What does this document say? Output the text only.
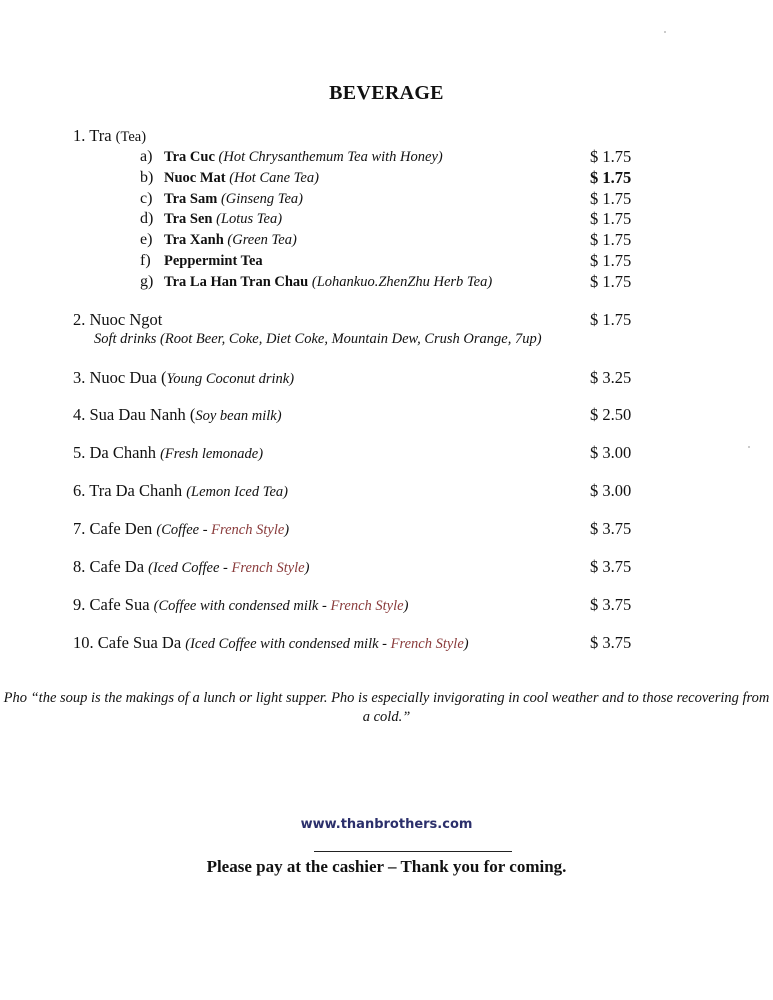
BEVERAGE
1. Tra (Tea)
a) Tra Cuc (Hot Chrysanthemum Tea with Honey)	$ 1.75
b) Nuoc Mat (Hot Cane Tea)	$ 1.75
c) Tra Sam (Ginseng Tea)	$ 1.75
d) Tra Sen (Lotus Tea)	$ 1.75
e) Tra Xanh (Green Tea)	$ 1.75
f) Peppermint Tea	$ 1.75
g) Tra La Han Tran Chau (Lohankuo.ZhenZhu Herb Tea)	$ 1.75
2. Nuoc Ngot	$ 1.75
Soft drinks (Root Beer, Coke, Diet Coke, Mountain Dew, Crush Orange, 7up)
3. Nuoc Dua (Young Coconut drink)	$ 3.25
4. Sua Dau Nanh (Soy bean milk)	$ 2.50
5. Da Chanh (Fresh lemonade)	$ 3.00
6. Tra Da Chanh (Lemon Iced Tea)	$ 3.00
7. Cafe Den (Coffee - French Style)	$ 3.75
8. Cafe Da (Iced Coffee - French Style)	$ 3.75
9. Cafe Sua (Coffee with condensed milk - French Style)	$ 3.75
10. Cafe Sua Da (Iced Coffee with condensed milk - French Style)	$ 3.75
Pho “the soup is the makings of a lunch or light supper. Pho is especially invigorating in cool weather and to those recovering from a cold.”
www.thanbrothers.com
Please pay at the cashier – Thank you for coming.
